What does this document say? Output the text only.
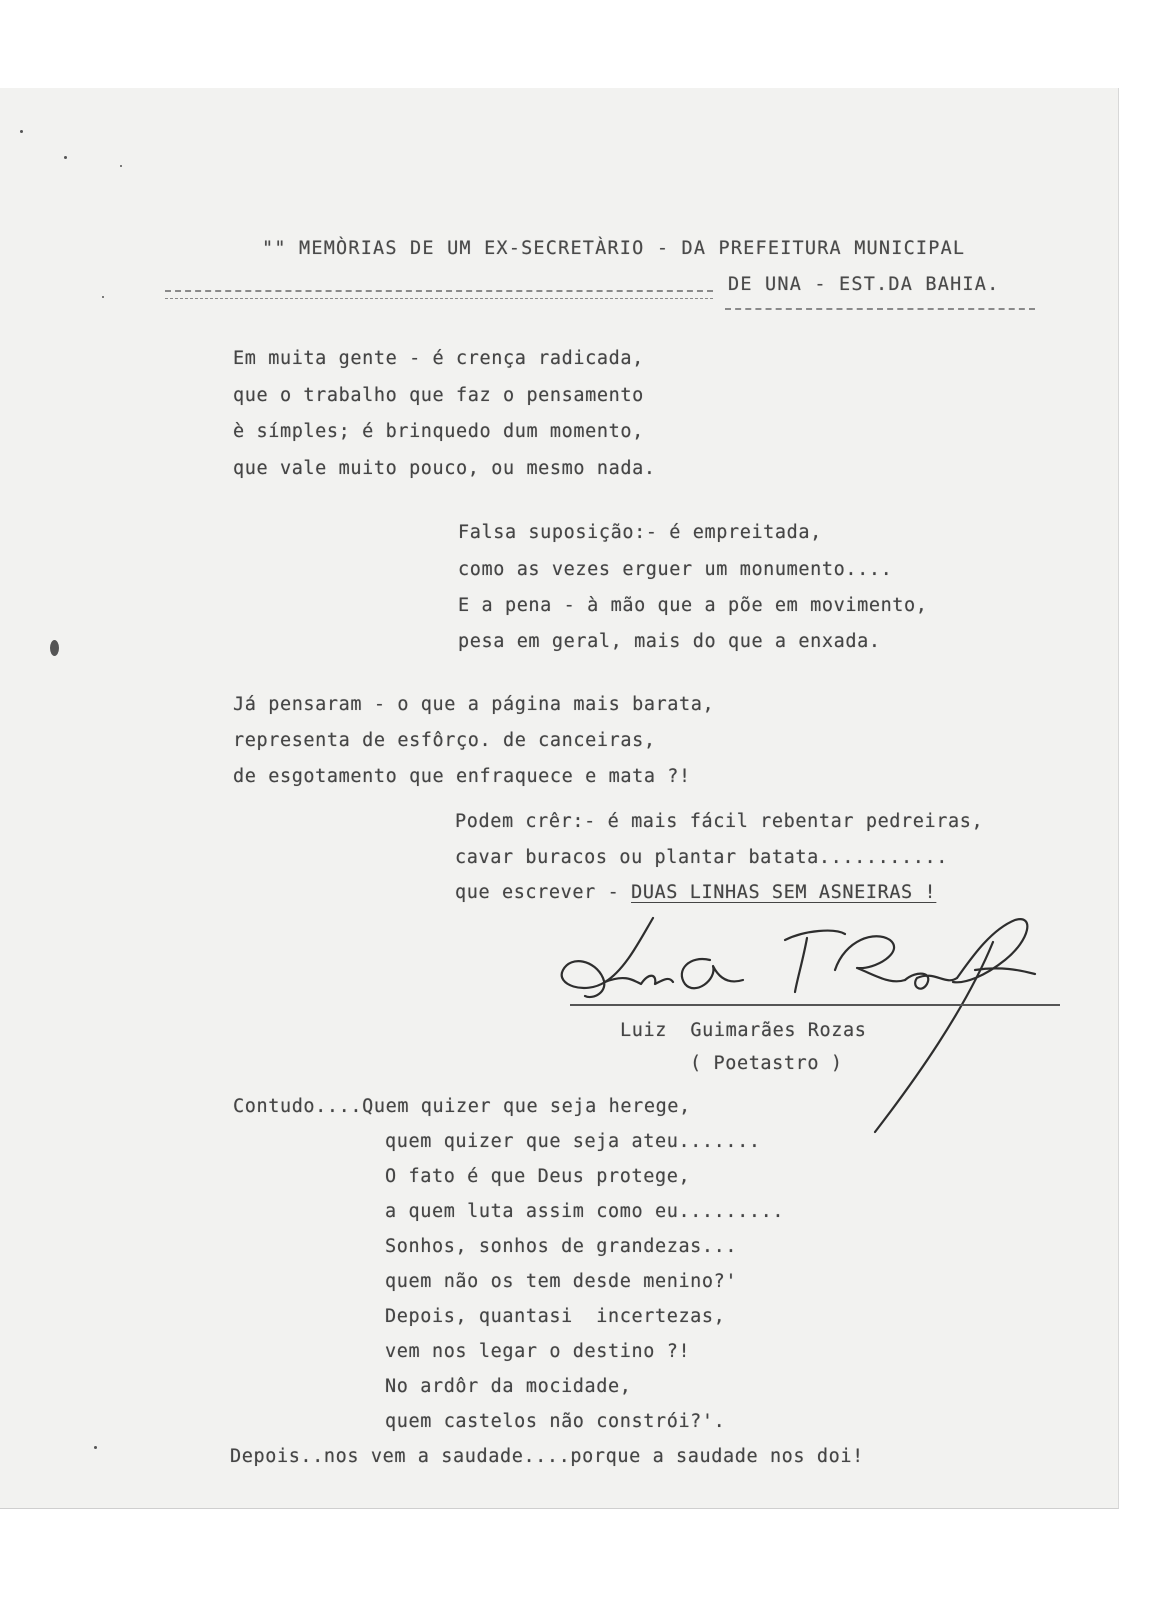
"" MEMÒRIAS DE UM EX-SECRETÀRIO - DA PREFEITURA MUNICIPAL
DE UNA - EST.DA BAHIA.
Em muita gente - é crença radicada,
que o trabalho que faz o pensamento
è símples; é brinquedo dum momento,
que vale muito pouco, ou mesmo nada.
Falsa suposição:- é empreitada,
como as vezes erguer um monumento....
E a pena - à mão que a põe em movimento,
pesa em geral, mais do que a enxada.
Já pensaram - o que a página mais barata,
representa de esfôrço. de canceiras,
de esgotamento que enfraquece e mata ?!
Podem crêr:- é mais fácil rebentar pedreiras,
cavar buracos ou plantar batata...........
que escrever - DUAS LINHAS SEM ASNEIRAS !
Luiz  Guimarães Rozas
( Poetastro )
Contudo....Quem quizer que seja herege,
quem quizer que seja ateu.......
O fato é que Deus protege,
a quem luta assim como eu.........
Sonhos, sonhos de grandezas...
quem não os tem desde menino?'
Depois, quantasi  incertezas,
vem nos legar o destino ?!
No ardôr da mocidade,
quem castelos não constrói?'.
Depois..nos vem a saudade....porque a saudade nos doi!
